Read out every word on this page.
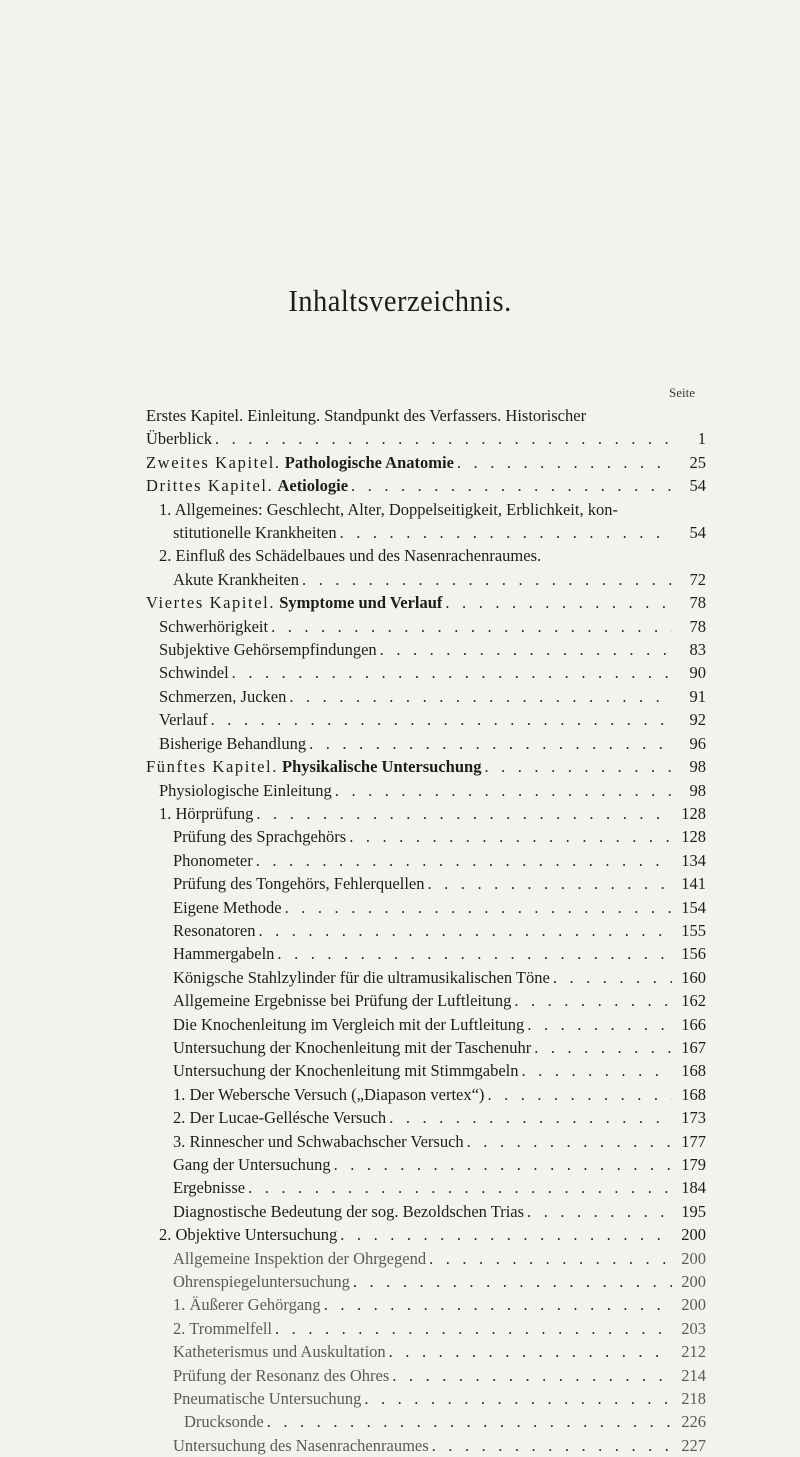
Inhaltsverzeichnis.
Seite
Erstes Kapitel. Einleitung. Standpunkt des Verfassers. Historischer
Überblick . . .	1
Zweites Kapitel. Pathologische Anatomie . . .	25
Drittes Kapitel. Aetiologie . . .	54
1. Allgemeines: Geschlecht, Alter, Doppelseitigkeit, Erblichkeit, kon-
stitutionelle Krankheiten . . .	54
2. Einfluß des Schädelbaues und des Nasenrachenraumes.
Akute Krankheiten . . .	72
Viertes Kapitel. Symptome und Verlauf . . .	78
Schwerhörigkeit . . .	78
Subjektive Gehörsempfindungen . . .	83
Schwindel . . .	90
Schmerzen, Jucken . . .	91
Verlauf . . .	92
Bisherige Behandlung . . .	96
Fünftes Kapitel. Physikalische Untersuchung . . .	98
Physiologische Einleitung . . .	98
1. Hörprüfung . . .	128
Prüfung des Sprachgehörs . . .	128
Phonometer . . .	134
Prüfung des Tongehörs, Fehlerquellen . . .	141
Eigene Methode . . .	154
Resonatoren . . .	155
Hammergabeln . . .	156
Königsche Stahlzylinder für die ultramusikalischen Töne . . .	160
Allgemeine Ergebnisse bei Prüfung der Luftleitung . . .	162
Die Knochenleitung im Vergleich mit der Luftleitung . . .	166
Untersuchung der Knochenleitung mit der Taschenuhr . . .	167
Untersuchung der Knochenleitung mit Stimmgabeln . . .	168
1. Der Webersche Versuch („Diapason vertex“) . . .	168
2. Der Lucae-Gellésche Versuch . . .	173
3. Rinnescher und Schwabachscher Versuch . . .	177
Gang der Untersuchung . . .	179
Ergebnisse . . .	184
Diagnostische Bedeutung der sog. Bezoldschen Trias . . .	195
2. Objektive Untersuchung . . .	200
Allgemeine Inspektion der Ohrgegend . . .	200
Ohrenspiegeluntersuchung . . .	200
1. Äußerer Gehörgang . . .	200
2. Trommelfell . . .	203
Katheterismus und Auskultation . . .	212
Prüfung der Resonanz des Ohres . . .	214
Pneumatische Untersuchung . . .	218
Drucksonde . . .	226
Untersuchung des Nasenrachenraumes . . .	227
